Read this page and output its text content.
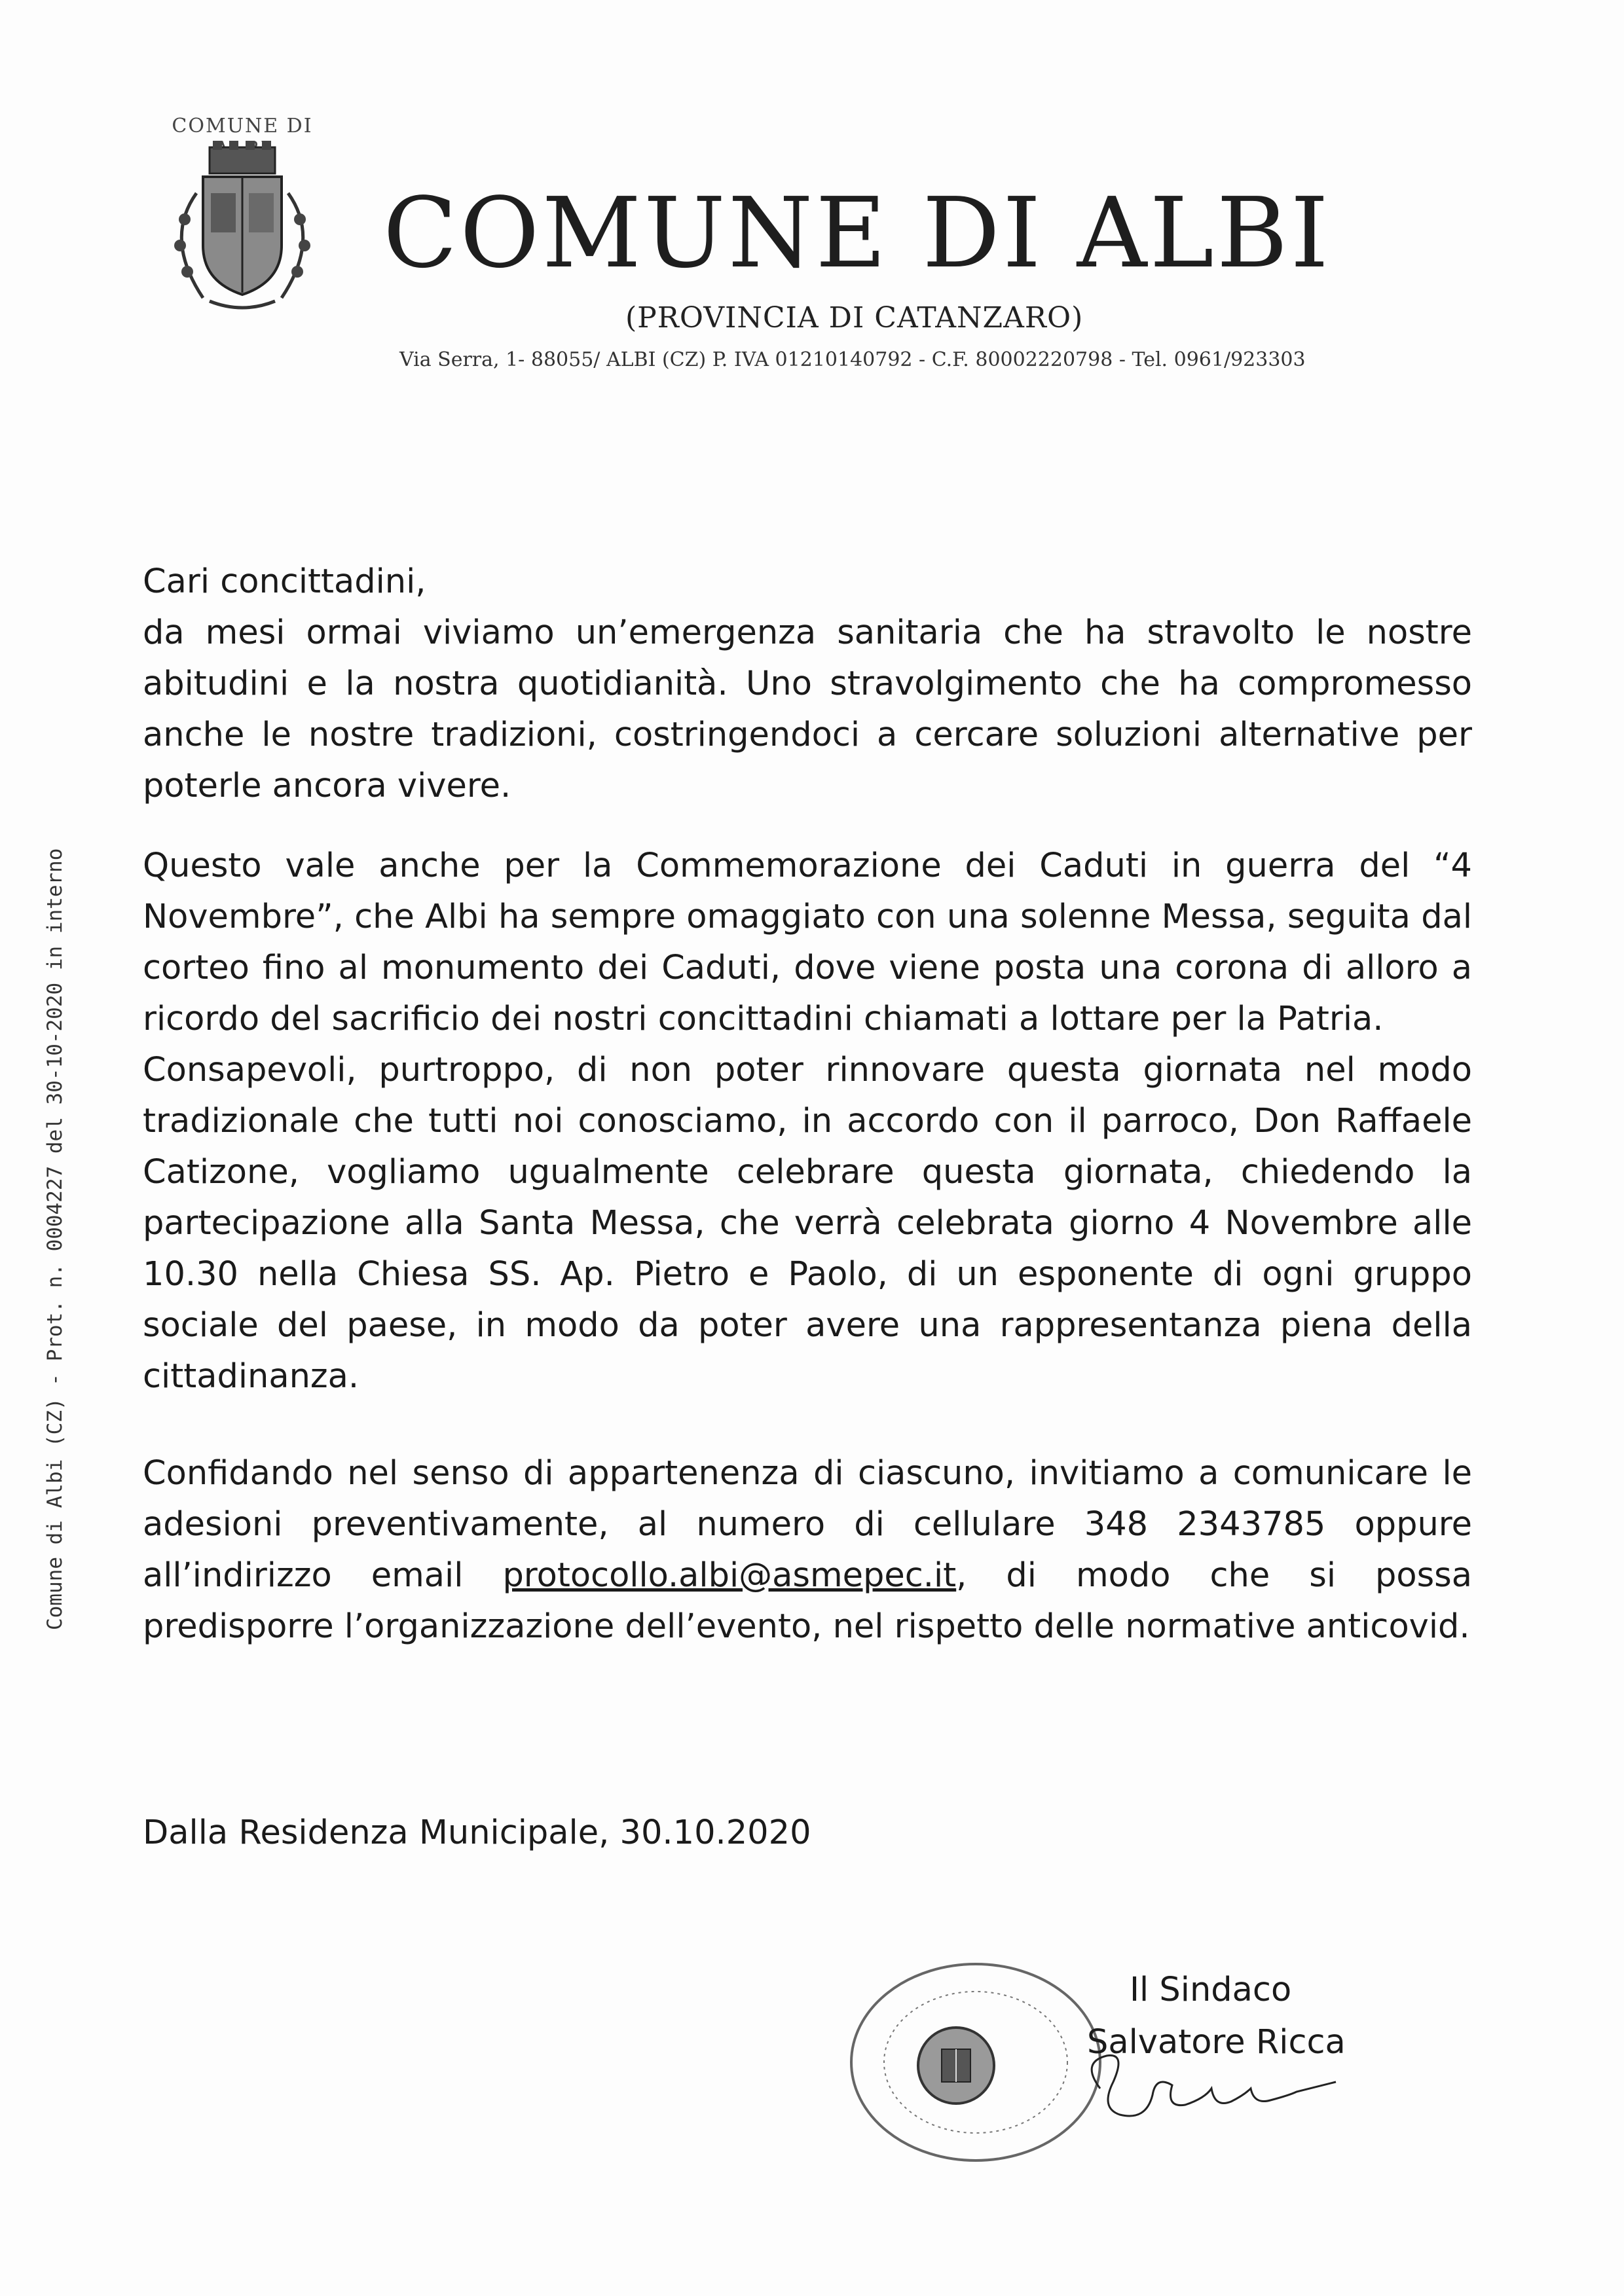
COMUNE DI
COMUNE DI ALBI
(PROVINCIA DI CATANZARO)
Via Serra, 1- 88055/ ALBI (CZ) P. IVA 01210140792 - C.F. 80002220798 - Tel. 0961/923303
Comune di Albi (CZ) - Prot. n. 0004227 del 30-10-2020 in interno

Cari concittadini,

da mesi ormai viviamo un’emergenza sanitaria che ha stravolto le nostre abitudini e la nostra quotidianità. Uno stravolgimento che ha compromesso anche le nostre tradizioni, costringendoci a cercare soluzioni alternative per poterle ancora vivere.

Questo vale anche per la Commemorazione dei Caduti in guerra del “4 Novembre”, che Albi ha sempre omaggiato con una solenne Messa, seguita dal corteo fino al monumento dei Caduti, dove viene posta una corona di alloro a ricordo del sacrificio dei nostri concittadini chiamati a lottare per la Patria.

Consapevoli, purtroppo, di non poter rinnovare questa giornata nel modo tradizionale che tutti noi conosciamo, in accordo con il parroco, Don Raffaele Catizone, vogliamo ugualmente celebrare questa giornata, chiedendo la partecipazione alla Santa Messa, che verrà celebrata giorno 4 Novembre alle 10.30 nella Chiesa SS. Ap. Pietro e Paolo, di un esponente di ogni gruppo sociale del paese, in modo da poter avere una rappresentanza piena della cittadinanza.

Confidando nel senso di appartenenza di ciascuno, invitiamo a comunicare le adesioni preventivamente, al numero di cellulare 348 2343785 oppure all’indirizzo email protocollo.albi@asmepec.it, di modo che si possa predisporre l’organizzazione dell’evento, nel rispetto delle normative anticovid.

Dalla Residenza Municipale, 30.10.2020
Il Sindaco
Salvatore Ricca
